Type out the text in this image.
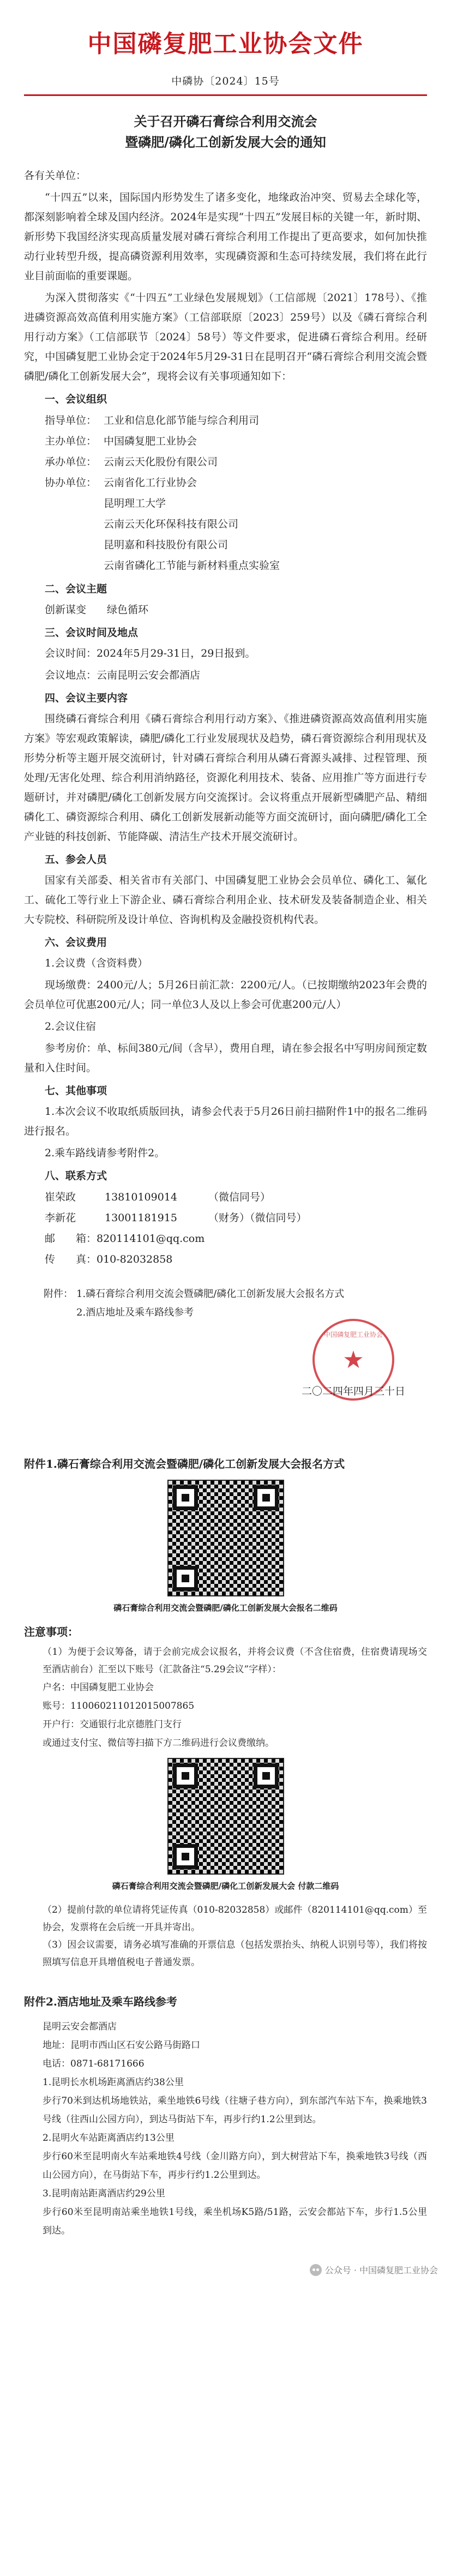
中国磷复肥工业协会文件
中磷协〔2024〕15号
关于召开磷石膏综合利用交流会
暨磷肥/磷化工创新发展大会的通知

各有关单位：

“十四五”以来，国际国内形势发生了诸多变化，地缘政治冲突、贸易去全球化等，都深刻影响着全球及国内经济。2024年是实现“十四五”发展目标的关键一年，新时期、新形势下我国经济实现高质量发展对磷石膏综合利用工作提出了更高要求，如何加快推动行业转型升级，提高磷资源利用效率，实现磷资源和生态可持续发展，我们将在此行业目前面临的重要课题。

为深入贯彻落实《“十四五”工业绿色发展规划》（工信部规〔2021〕178号）、《推进磷资源高效高值利用实施方案》（工信部联原〔2023〕259号）以及《磷石膏综合利用行动方案》（工信部联节〔2024〕58号）等文件要求，促进磷石膏综合利用。经研究，中国磷复肥工业协会定于2024年5月29-31日在昆明召开“磷石膏综合利用交流会暨磷肥/磷化工创新发展大会”，现将会议有关事项通知如下：

一、会议组织
指导单位： 工业和信息化部节能与综合利用司
主办单位： 中国磷复肥工业协会
承办单位： 云南云天化股份有限公司
协办单位： 云南省化工行业协会
昆明理工大学
云南云天化环保科技有限公司
昆明嘉和科技股份有限公司
云南省磷化工节能与新材料重点实验室
二、会议主题

创新谋变　　 绿色循环

三、会议时间及地点

会议时间：2024年5月29-31日，29日报到。

会议地点：云南昆明云安会都酒店

四、会议主要内容

围绕磷石膏综合利用《磷石膏综合利用行动方案》、《推进磷资源高效高值利用实施方案》等宏观政策解读，磷肥/磷化工行业发展现状及趋势，磷石膏资源综合利用现状及形势分析等主题开展交流研讨，针对磷石膏综合利用从磷石膏源头减排、过程管理、预处理/无害化处理、综合利用消纳路径，资源化利用技术、装备、应用推广等方面进行专题研讨，并对磷肥/磷化工创新发展方向交流探讨。会议将重点开展新型磷肥产品、精细磷化工、磷资源综合利用、磷化工创新发展新动能等方面交流研讨，面向磷肥/磷化工全产业链的科技创新、节能降碳、清洁生产技术开展交流研讨。

五、参会人员

国家有关部委、相关省市有关部门、中国磷复肥工业协会会员单位、磷化工、氟化工、硫化工等行业上下游企业、磷石膏综合利用企业、技术研发及装备制造企业、相关大专院校、科研院所及设计单位、咨询机构及金融投资机构代表。

六、会议费用

1.会议费（含资料费）

现场缴费：2400元/人；5月26日前汇款：2200元/人。（已按期缴纳2023年会费的会员单位可优惠200元/人；同一单位3人及以上参会可优惠200元/人）

2.会议住宿

参考房价：单、标间380元/间（含早），费用自理，请在参会报名中写明房间预定数量和入住时间。

七、其他事项

1.本次会议不收取纸质版回执，请参会代表于5月26日前扫描附件1中的报名二维码进行报名。

2.乘车路线请参考附件2。

八、联系方式
崔荣政	13810109014	（微信同号）
李新花	13001181915	（财务）（微信同号）
邮　　箱：820114101@qq.com
传　　真：010-82032858
附件： 1.磷石膏综合利用交流会暨磷肥/磷化工创新发展大会报名方式
2.酒店地址及乘车路线参考
中国磷复肥工业协会
★
二〇二四年四月三十日
附件1.磷石膏综合利用交流会暨磷肥/磷化工创新发展大会报名方式
磷石膏综合利用交流会暨磷肥/磷化工创新发展大会报名二维码
注意事项：
（1）为便于会议筹备，请于会前完成会议报名，并将会议费（不含住宿费，住宿费请现场交至酒店前台）汇至以下账号（汇款备注“5.29会议”字样）：
户名：中国磷复肥工业协会
账号：110060211012015007865
开户行：交通银行北京德胜门支行
或通过支付宝、微信等扫描下方二维码进行会议费缴纳。
磷石膏综合利用交流会暨磷肥/磷化工创新发展大会 付款二维码
（2）提前付款的单位请将凭证传真（010-82032858）或邮件（820114101@qq.com）至协会，发票将在会后统一开具并寄出。
（3）因会议需要，请务必填写准确的开票信息（包括发票抬头、纳税人识别号等），我们将按照填写信息开具增值税电子普通发票。
附件2.酒店地址及乘车路线参考
昆明云安会都酒店
地址：昆明市西山区石安公路马街路口
电话：0871-68171666
1.昆明长水机场距离酒店约38公里
步行70米到达机场地铁站，乘坐地铁6号线（往塘子巷方向），到东部汽车站下车，换乘地铁3号线（往西山公园方向），到达马街站下车，再步行约1.2公里到达。
2.昆明火车站距离酒店约13公里
步行60米至昆明南火车站乘地铁4号线（金川路方向），到大树营站下车，换乘地铁3号线（西山公园方向），在马街站下车，再步行约1.2公里到达。
3.昆明南站距离酒店约29公里
步行60米至昆明南站乘坐地铁1号线，乘坐机场K5路/51路，云安会都站下车，步行1.5公里到达。
公众号 · 中国磷复肥工业协会
